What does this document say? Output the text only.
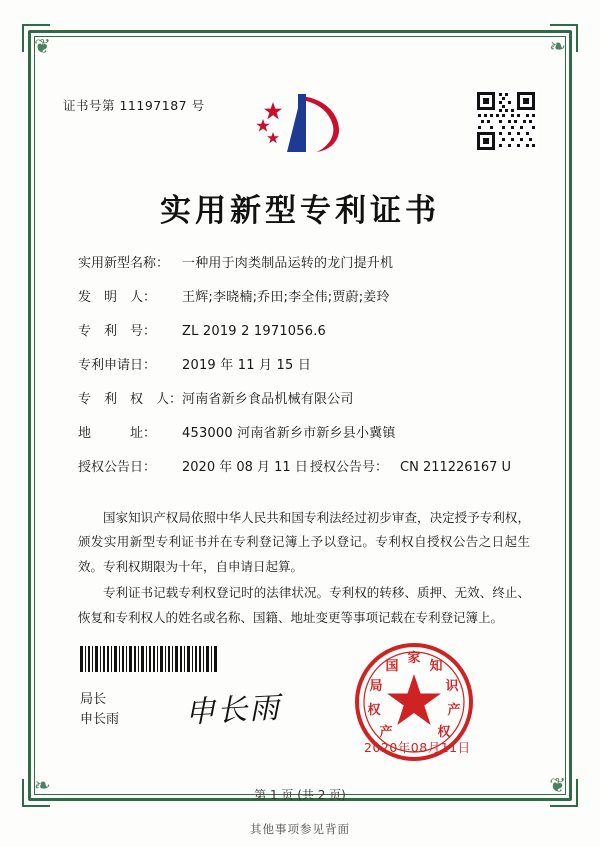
❦	❧
❧	❦
证书号第 11197187 号
实用新型专利证书
实用新型名称： 一种用于肉类制品运转的龙门提升机
发　明　人：	王辉;李晓楠;乔田;李全伟;贾蔚;姜玲
专　利　号：	ZL 2019 2 1971056.6
专利申请日：	2019 年 11 月 15 日
专　利　权　人： 河南省新乡食品机械有限公司
地　　　址：	453000 河南省新乡市新乡县小冀镇
授权公告日：	2020 年 08 月 11 日 授权公告号： CN 211226167 U

国家知识产权局依照中华人民共和国专利法经过初步审查，决定授予专利权，颁发实用新型专利证书并在专利登记簿上予以登记。专利权自授权公告之日起生效。专利权期限为十年，自申请日起算。

专利证书记载专利权登记时的法律状况。专利权的转移、质押、无效、终止、恢复和专利权人的姓名或名称、国籍、地址变更等事项记载在专利登记簿上。

局长
申长雨 申长雨
家
国 知
局	识
权	产
产	权
2020年08月11日
第 1 页 (共 2 页)
其他事项参见背面
